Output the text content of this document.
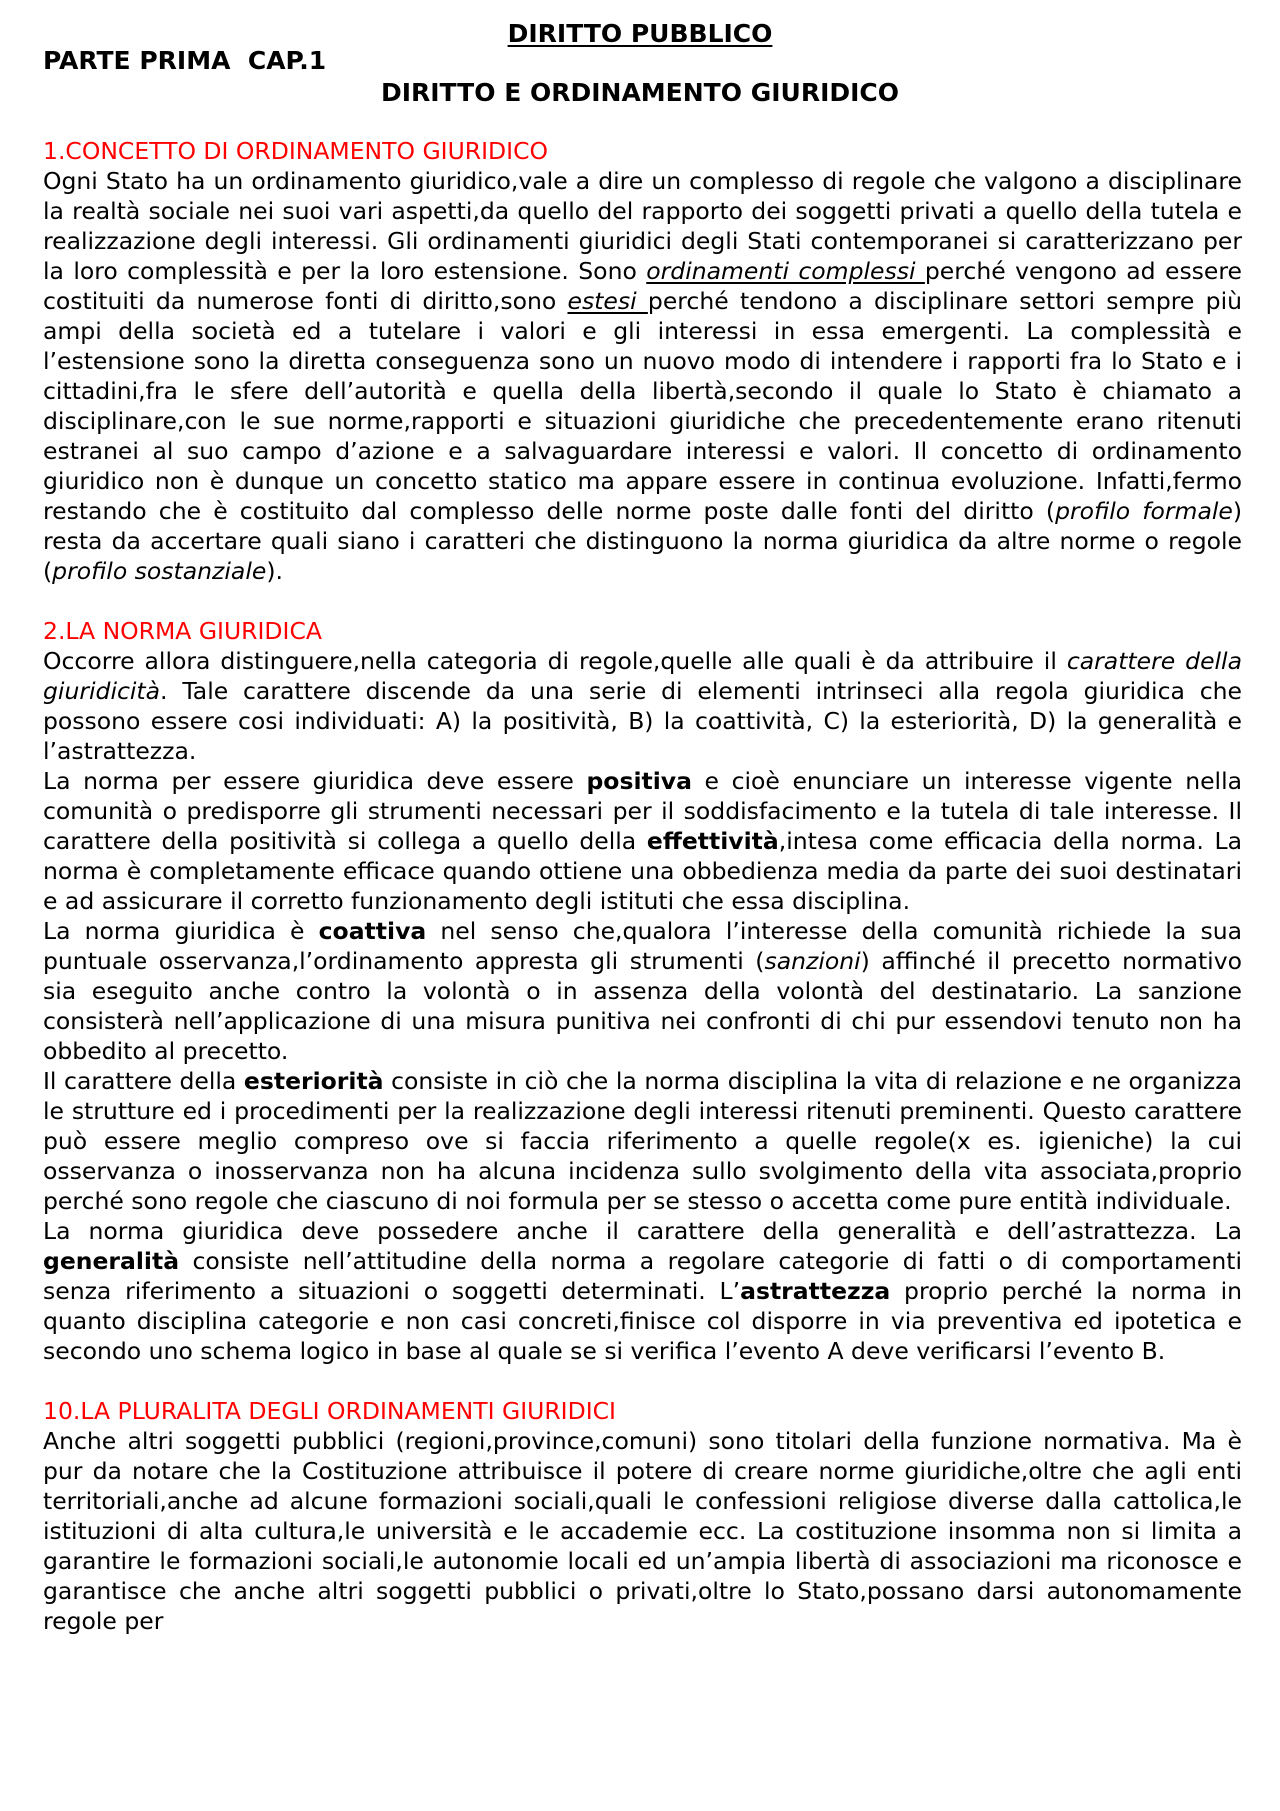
DIRITTO PUBBLICO
PARTE PRIMA  CAP.1
DIRITTO E ORDINAMENTO GIURIDICO
1.CONCETTO DI ORDINAMENTO GIURIDICO

Ogni Stato ha un ordinamento giuridico,vale a dire un complesso di regole che valgono a disciplinare la realtà sociale nei suoi vari aspetti,da quello del rapporto dei soggetti privati a quello della tutela e realizzazione degli interessi. Gli ordinamenti giuridici degli Stati contemporanei si caratterizzano per la loro complessità e per la loro estensione. Sono ordinamenti complessi perché vengono ad essere costituiti da numerose fonti di diritto,sono estesi perché tendono a disciplinare settori sempre più ampi della società ed a tutelare i valori e gli interessi in essa emergenti. La complessità e l’estensione sono la diretta conseguenza sono un nuovo modo di intendere i rapporti fra lo Stato e i cittadini,fra le sfere dell’autorità e quella della libertà,secondo il quale lo Stato è chiamato a disciplinare,con le sue norme,rapporti e situazioni giuridiche che precedentemente erano ritenuti estranei al suo campo d’azione e a salvaguardare interessi e valori. Il concetto di ordinamento giuridico non è dunque un concetto statico ma appare essere in continua evoluzione. Infatti,fermo restando che è costituito dal complesso delle norme poste dalle fonti del diritto (profilo formale) resta da accertare quali siano i caratteri che distinguono la norma giuridica da altre norme o regole (profilo sostanziale).

2.LA NORMA GIURIDICA

Occorre allora distinguere,nella categoria di regole,quelle alle quali è da attribuire il carattere della giuridicità. Tale carattere discende da una serie di elementi intrinseci alla regola giuridica che possono essere cosi individuati: A) la positività, B) la coattività, C) la esteriorità, D) la generalità e l’astrattezza.

La norma per essere giuridica deve essere positiva e cioè enunciare un interesse vigente nella comunità o predisporre gli strumenti necessari per il soddisfacimento e la tutela di tale interesse. Il carattere della positività si collega a quello della effettività,intesa come efficacia della norma. La norma è completamente efficace quando ottiene una obbedienza media da parte dei suoi destinatari e ad assicurare il corretto funzionamento degli istituti che essa disciplina.

La norma giuridica è coattiva nel senso che,qualora l’interesse della comunità richiede la sua puntuale osservanza,l’ordinamento appresta gli strumenti (sanzioni) affinché il precetto normativo sia eseguito anche contro la volontà o in assenza della volontà del destinatario. La sanzione consisterà nell’applicazione di una misura punitiva nei confronti di chi pur essendovi tenuto non ha obbedito al precetto.

Il carattere della esteriorità consiste in ciò che la norma disciplina la vita di relazione e ne organizza le strutture ed i procedimenti per la realizzazione degli interessi ritenuti preminenti. Questo carattere può essere meglio compreso ove si faccia riferimento a quelle regole(x es. igieniche) la cui osservanza o inosservanza non ha alcuna incidenza sullo svolgimento della vita associata,proprio perché sono regole che ciascuno di noi formula per se stesso o accetta come pure entità individuale.

La norma giuridica deve possedere anche il carattere della generalità e dell’astrattezza. La generalità consiste nell’attitudine della norma a regolare categorie di fatti o di comportamenti senza riferimento a situazioni o soggetti determinati. L’astrattezza proprio perché la norma in quanto disciplina categorie e non casi concreti,finisce col disporre in via preventiva ed ipotetica e secondo uno schema logico in base al quale se si verifica l’evento A deve verificarsi l’evento B.

10.LA PLURALITA DEGLI ORDINAMENTI GIURIDICI

Anche altri soggetti pubblici (regioni,province,comuni) sono titolari della funzione normativa. Ma è pur da notare che la Costituzione attribuisce il potere di creare norme giuridiche,oltre che agli enti territoriali,anche ad alcune formazioni sociali,quali le confessioni religiose diverse dalla cattolica,le istituzioni di alta cultura,le università e le accademie ecc. La costituzione insomma non si limita a garantire le formazioni sociali,le autonomie locali ed un’ampia libertà di associazioni ma riconosce e garantisce che anche altri soggetti pubblici o privati,oltre lo Stato,possano darsi autonomamente regole per
